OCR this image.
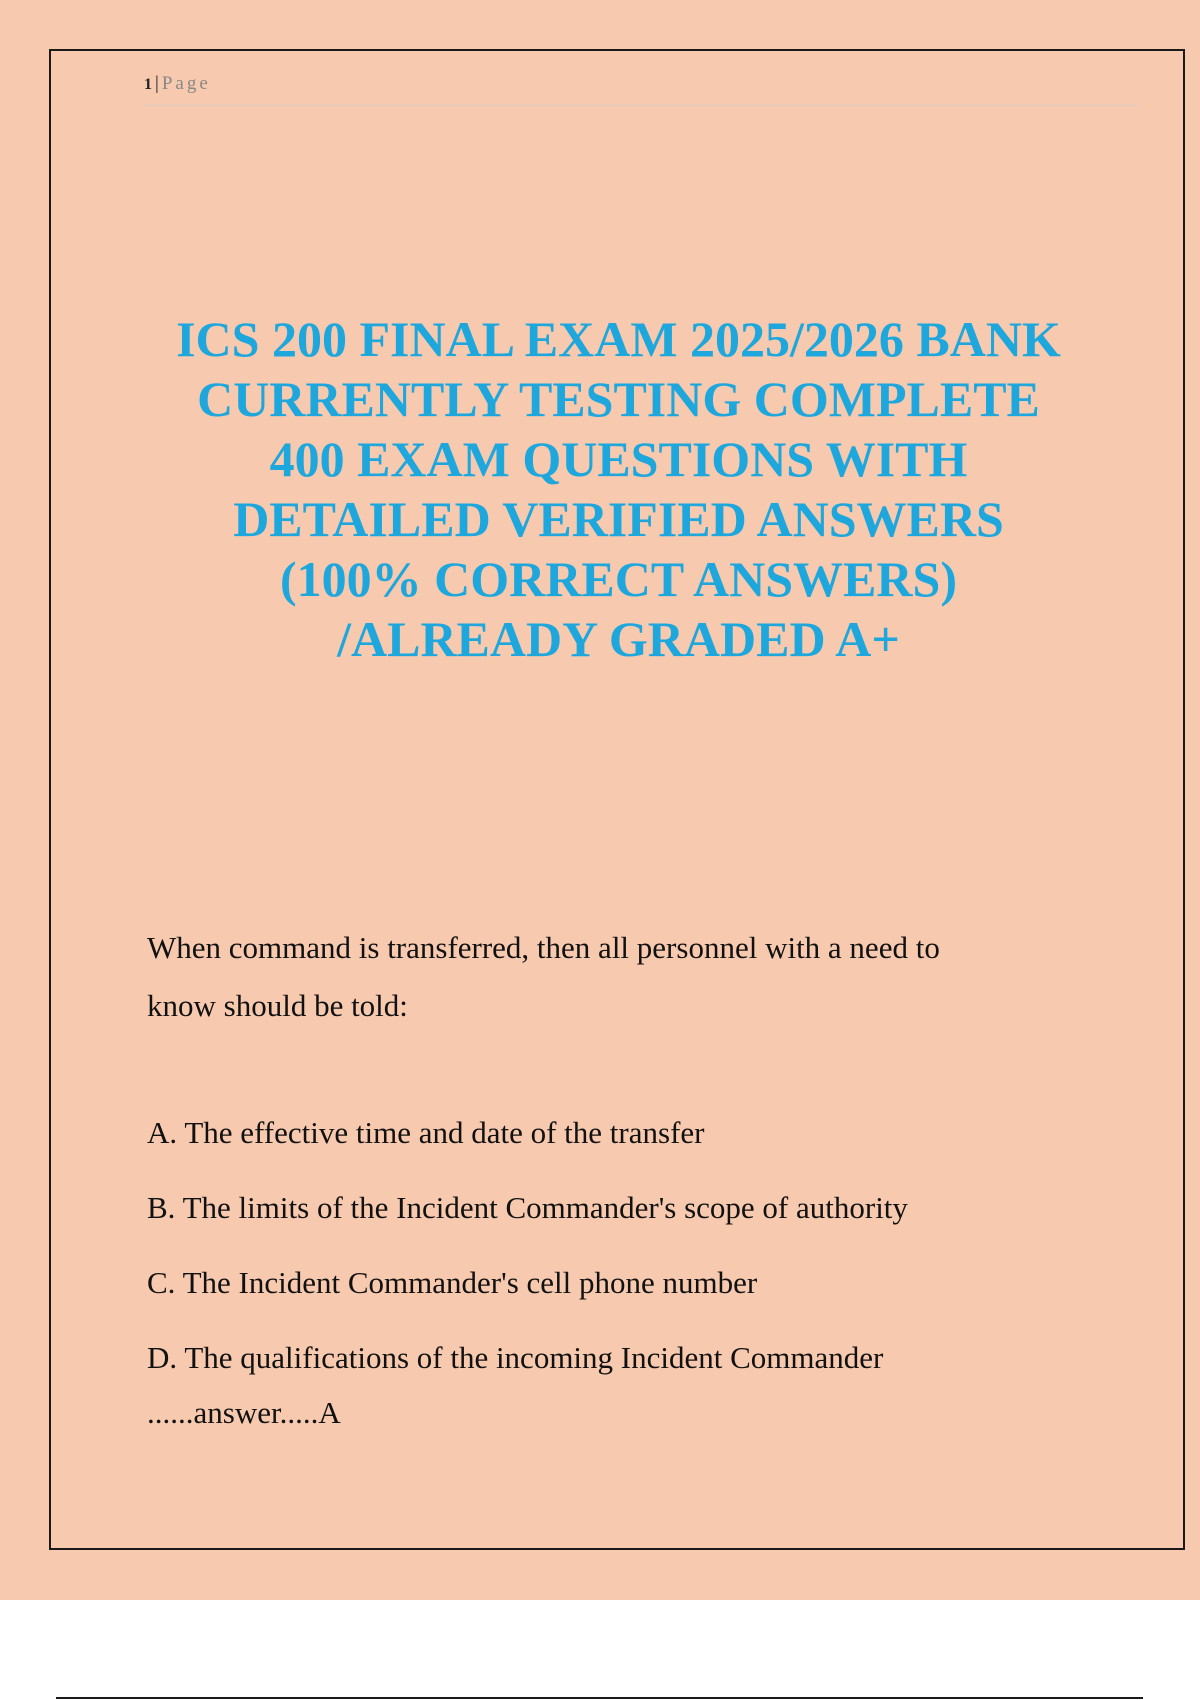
1 | Page
ICS 200 FINAL EXAM 2025/2026 BANK
CURRENTLY TESTING COMPLETE
400 EXAM QUESTIONS WITH
DETAILED VERIFIED ANSWERS
(100% CORRECT ANSWERS)
/ALREADY GRADED A+

When command is transferred, then all personnel with a need to
know should be told:

A. The effective time and date of the transfer
B. The limits of the Incident Commander's scope of authority
C. The Incident Commander's cell phone number
D. The qualifications of the incoming Incident Commander
......answer.....A
